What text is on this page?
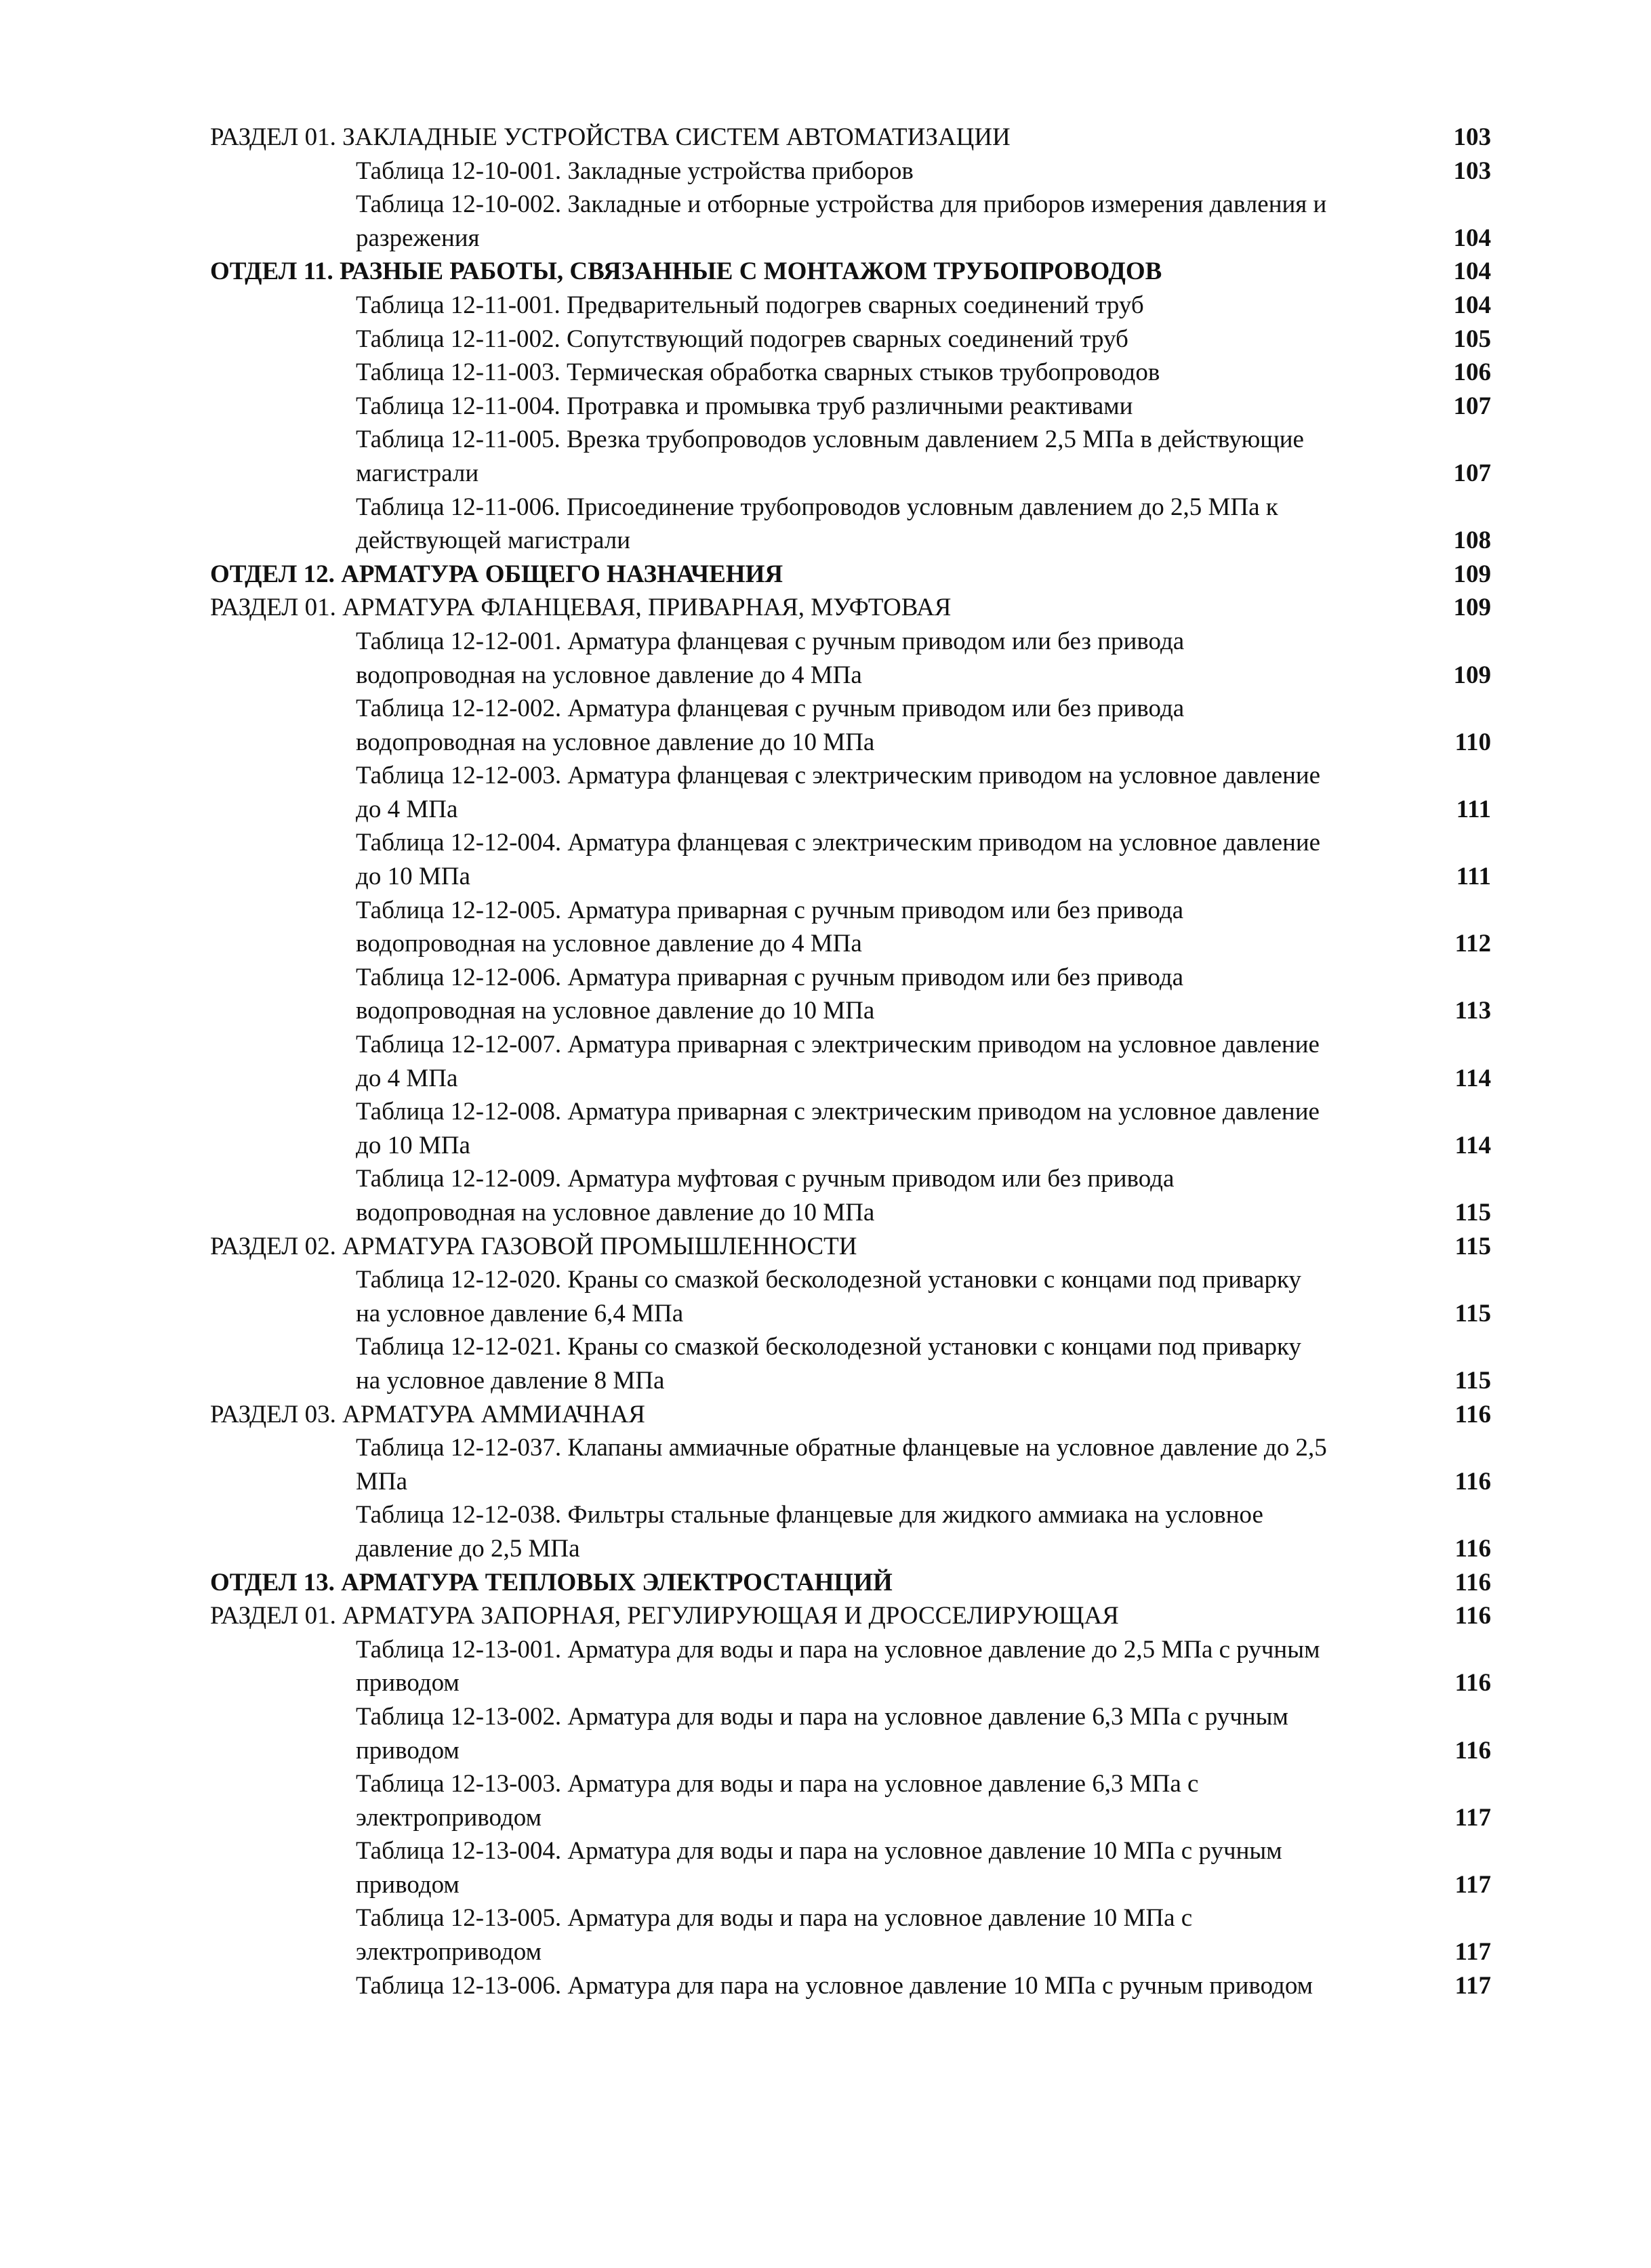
РАЗДЕЛ 01. ЗАКЛАДНЫЕ УСТРОЙСТВА СИСТЕМ АВТОМАТИЗАЦИИ	103
Таблица 12-10-001. Закладные устройства приборов	103
Таблица 12-10-002. Закладные и отборные устройства для приборов измерения давления и разрежения	104
ОТДЕЛ 11. РАЗНЫЕ РАБОТЫ, СВЯЗАННЫЕ С МОНТАЖОМ ТРУБОПРОВОДОВ	104
Таблица 12-11-001. Предварительный подогрев сварных соединений труб	104
Таблица 12-11-002. Сопутствующий подогрев сварных соединений труб	105
Таблица 12-11-003. Термическая обработка сварных стыков трубопроводов	106
Таблица 12-11-004. Протравка и промывка труб различными реактивами	107
Таблица 12-11-005. Врезка трубопроводов условным давлением 2,5 МПа в действующие магистрали	107
Таблица 12-11-006. Присоединение трубопроводов условным давлением до 2,5 МПа к действующей магистрали	108
ОТДЕЛ 12. АРМАТУРА ОБЩЕГО НАЗНАЧЕНИЯ	109
РАЗДЕЛ 01. АРМАТУРА ФЛАНЦЕВАЯ, ПРИВАРНАЯ, МУФТОВАЯ	109
Таблица 12-12-001. Арматура фланцевая с ручным приводом или без привода водопроводная на условное давление до 4 МПа	109
Таблица 12-12-002. Арматура фланцевая с ручным приводом или без привода водопроводная на условное давление до 10 МПа	110
Таблица 12-12-003. Арматура фланцевая с электрическим приводом на условное давление до 4 МПа	111
Таблица 12-12-004. Арматура фланцевая с электрическим приводом на условное давление до 10 МПа	111
Таблица 12-12-005. Арматура приварная с ручным приводом или без привода водопроводная на условное давление до 4 МПа	112
Таблица 12-12-006. Арматура приварная с ручным приводом или без привода водопроводная на условное давление до 10 МПа	113
Таблица 12-12-007. Арматура приварная с электрическим приводом на условное давление до 4 МПа	114
Таблица 12-12-008. Арматура приварная с электрическим приводом на условное давление до 10 МПа	114
Таблица 12-12-009. Арматура муфтовая с ручным приводом или без привода водопроводная на условное давление до 10 МПа	115
РАЗДЕЛ 02. АРМАТУРА ГАЗОВОЙ ПРОМЫШЛЕННОСТИ	115
Таблица 12-12-020. Краны со смазкой бесколодезной установки с концами под приварку на условное давление 6,4 МПа	115
Таблица 12-12-021. Краны со смазкой бесколодезной установки с концами под приварку на условное давление 8 МПа	115
РАЗДЕЛ 03. АРМАТУРА АММИАЧНАЯ	116
Таблица 12-12-037. Клапаны аммиачные обратные фланцевые на условное давление до 2,5 МПа	116
Таблица 12-12-038. Фильтры стальные фланцевые для жидкого аммиака на условное давление до 2,5 МПа	116
ОТДЕЛ 13. АРМАТУРА ТЕПЛОВЫХ ЭЛЕКТРОСТАНЦИЙ	116
РАЗДЕЛ 01. АРМАТУРА ЗАПОРНАЯ, РЕГУЛИРУЮЩАЯ И ДРОССЕЛИРУЮЩАЯ	116
Таблица 12-13-001. Арматура для воды и пара на условное давление до 2,5 МПа с ручным приводом	116
Таблица 12-13-002. Арматура для воды и пара на условное давление 6,3 МПа с ручным приводом	116
Таблица 12-13-003. Арматура для воды и пара на условное давление 6,3 МПа с электроприводом	117
Таблица 12-13-004. Арматура для воды и пара на условное давление 10 МПа с ручным приводом	117
Таблица 12-13-005. Арматура для воды и пара на условное давление 10 МПа с электроприводом	117
Таблица 12-13-006. Арматура для пара на условное давление 10 МПа с ручным приводом	117
